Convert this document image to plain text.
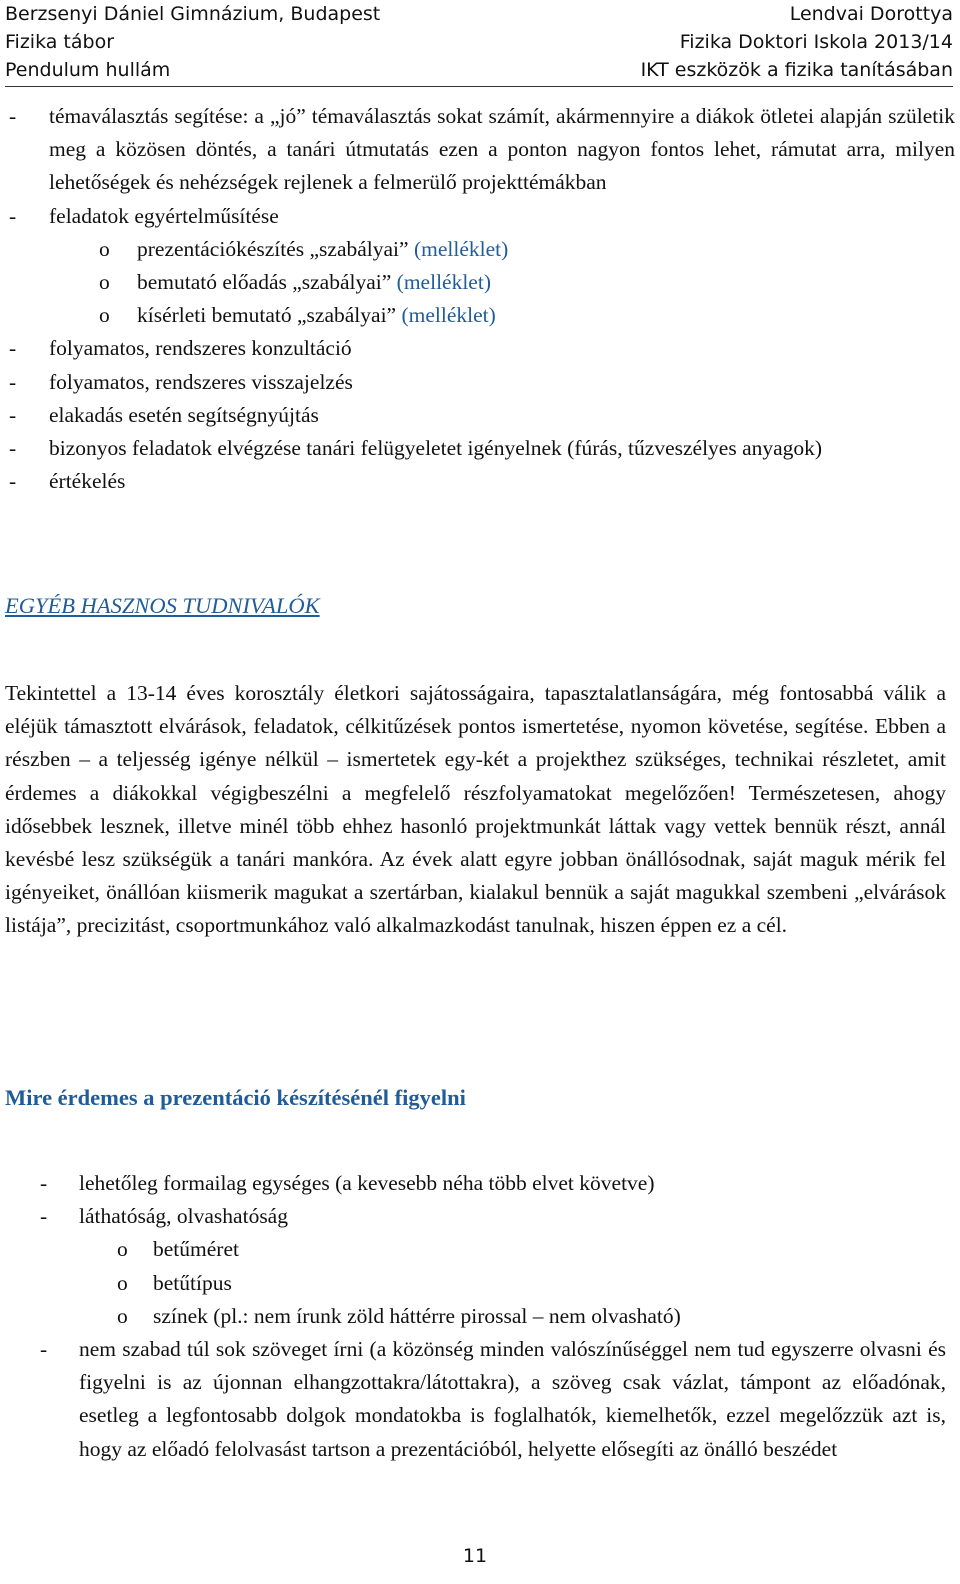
Berzsenyi Dániel Gimnázium, Budapest
Fizika tábor
Pendulum hullám
Lendvai Dorottya
Fizika Doktori Iskola 2013/14
IKT eszközök a fizika tanításában
- témaválasztás segítése: a „jó” témaválasztás sokat számít, akármennyire a diákok ötletei alapján születik meg a közösen döntés, a tanári útmutatás ezen a ponton nagyon fontos lehet, rámutat arra, milyen lehetőségek és nehézségek rejlenek a felmerülő projekttémákban
- feladatok egyértelműsítése
o prezentációkészítés „szabályai” (melléklet)
o bemutató előadás „szabályai” (melléklet)
o kísérleti bemutató „szabályai” (melléklet)
- folyamatos, rendszeres konzultáció
- folyamatos, rendszeres visszajelzés
- elakadás esetén segítségnyújtás
- bizonyos feladatok elvégzése tanári felügyeletet igényelnek (fúrás, tűzveszélyes anyagok)
- értékelés
EGYÉB HASZNOS TUDNIVALÓK
Tekintettel a 13-14 éves korosztály életkori sajátosságaira, tapasztalatlanságára, még fontosabbá válik a eléjük támasztott elvárások, feladatok, célkitűzések pontos ismertetése, nyomon követése, segítése. Ebben a részben – a teljesség igénye nélkül – ismertetek egy-két a projekthez szükséges, technikai részletet, amit érdemes a diákokkal végigbeszélni a megfelelő részfolyamatokat megelőzően! Természetesen, ahogy idősebbek lesznek, illetve minél több ehhez hasonló projektmunkát láttak vagy vettek bennük részt, annál kevésbé lesz szükségük a tanári mankóra. Az évek alatt egyre jobban önállósodnak, saját maguk mérik fel igényeiket, önállóan kiismerik magukat a szertárban, kialakul bennük a saját magukkal szembeni „elvárások listája”, precizitást, csoportmunkához való alkalmazkodást tanulnak, hiszen éppen ez a cél.
Mire érdemes a prezentáció készítésénél figyelni
- lehetőleg formailag egységes (a kevesebb néha több elvet követve)
- láthatóság, olvashatóság
o betűméret
o betűtípus
o színek (pl.: nem írunk zöld háttérre pirossal – nem olvasható)
- nem szabad túl sok szöveget írni (a közönség minden valószínűséggel nem tud egyszerre olvasni és figyelni is az újonnan elhangzottakra/látottakra), a szöveg csak vázlat, támpont az előadónak, esetleg a legfontosabb dolgok mondatokba is foglalhatók, kiemelhetők, ezzel megelőzzük azt is, hogy az előadó felolvasást tartson a prezentációból, helyette elősegíti az önálló beszédet
11
